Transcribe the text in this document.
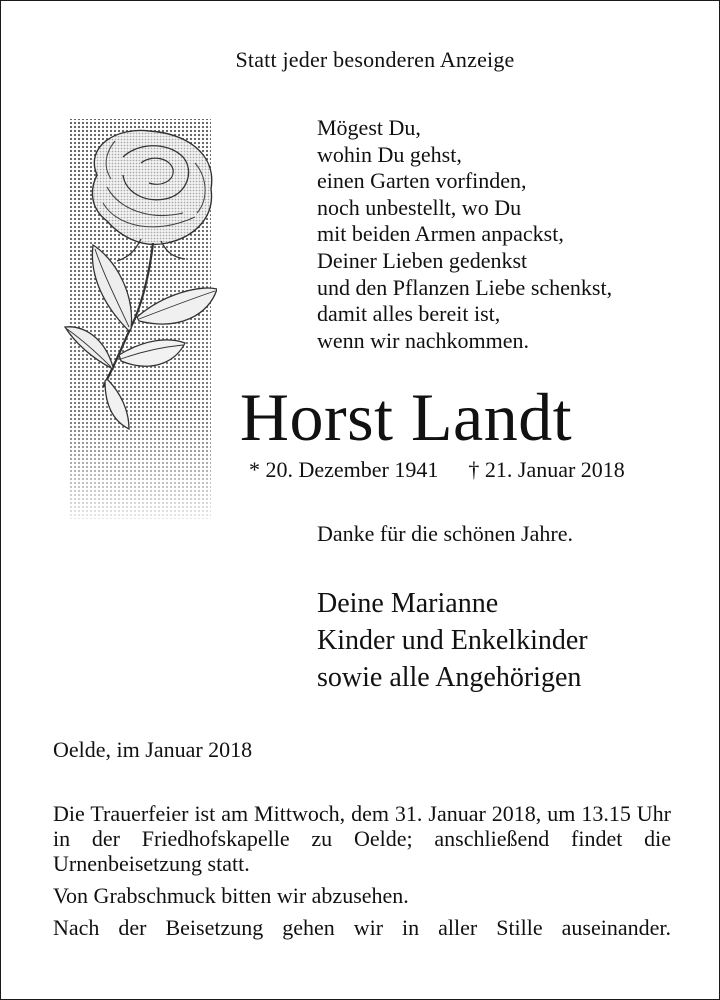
Statt jeder besonderen Anzeige
Mögest Du,
wohin Du gehst,
einen Garten vorfinden,
noch unbestellt, wo Du
mit beiden Armen anpackst,
Deiner Lieben gedenkst
und den Pflanzen Liebe schenkst,
damit alles bereit ist,
wenn wir nachkommen.
Horst Landt
* 20. Dezember 1941 † 21. Januar 2018
Danke für die schönen Jahre.
Deine Marianne
Kinder und Enkelkinder
sowie alle Angehörigen
Oelde, im Januar 2018

Die Trauerfeier ist am Mittwoch, dem 31. Januar 2018, um 13.15 Uhr in der Friedhofskapelle zu Oelde; anschließend findet die Urnenbeisetzung statt.

Von Grabschmuck bitten wir abzusehen.

Nach der Beisetzung gehen wir in aller Stille auseinander.
